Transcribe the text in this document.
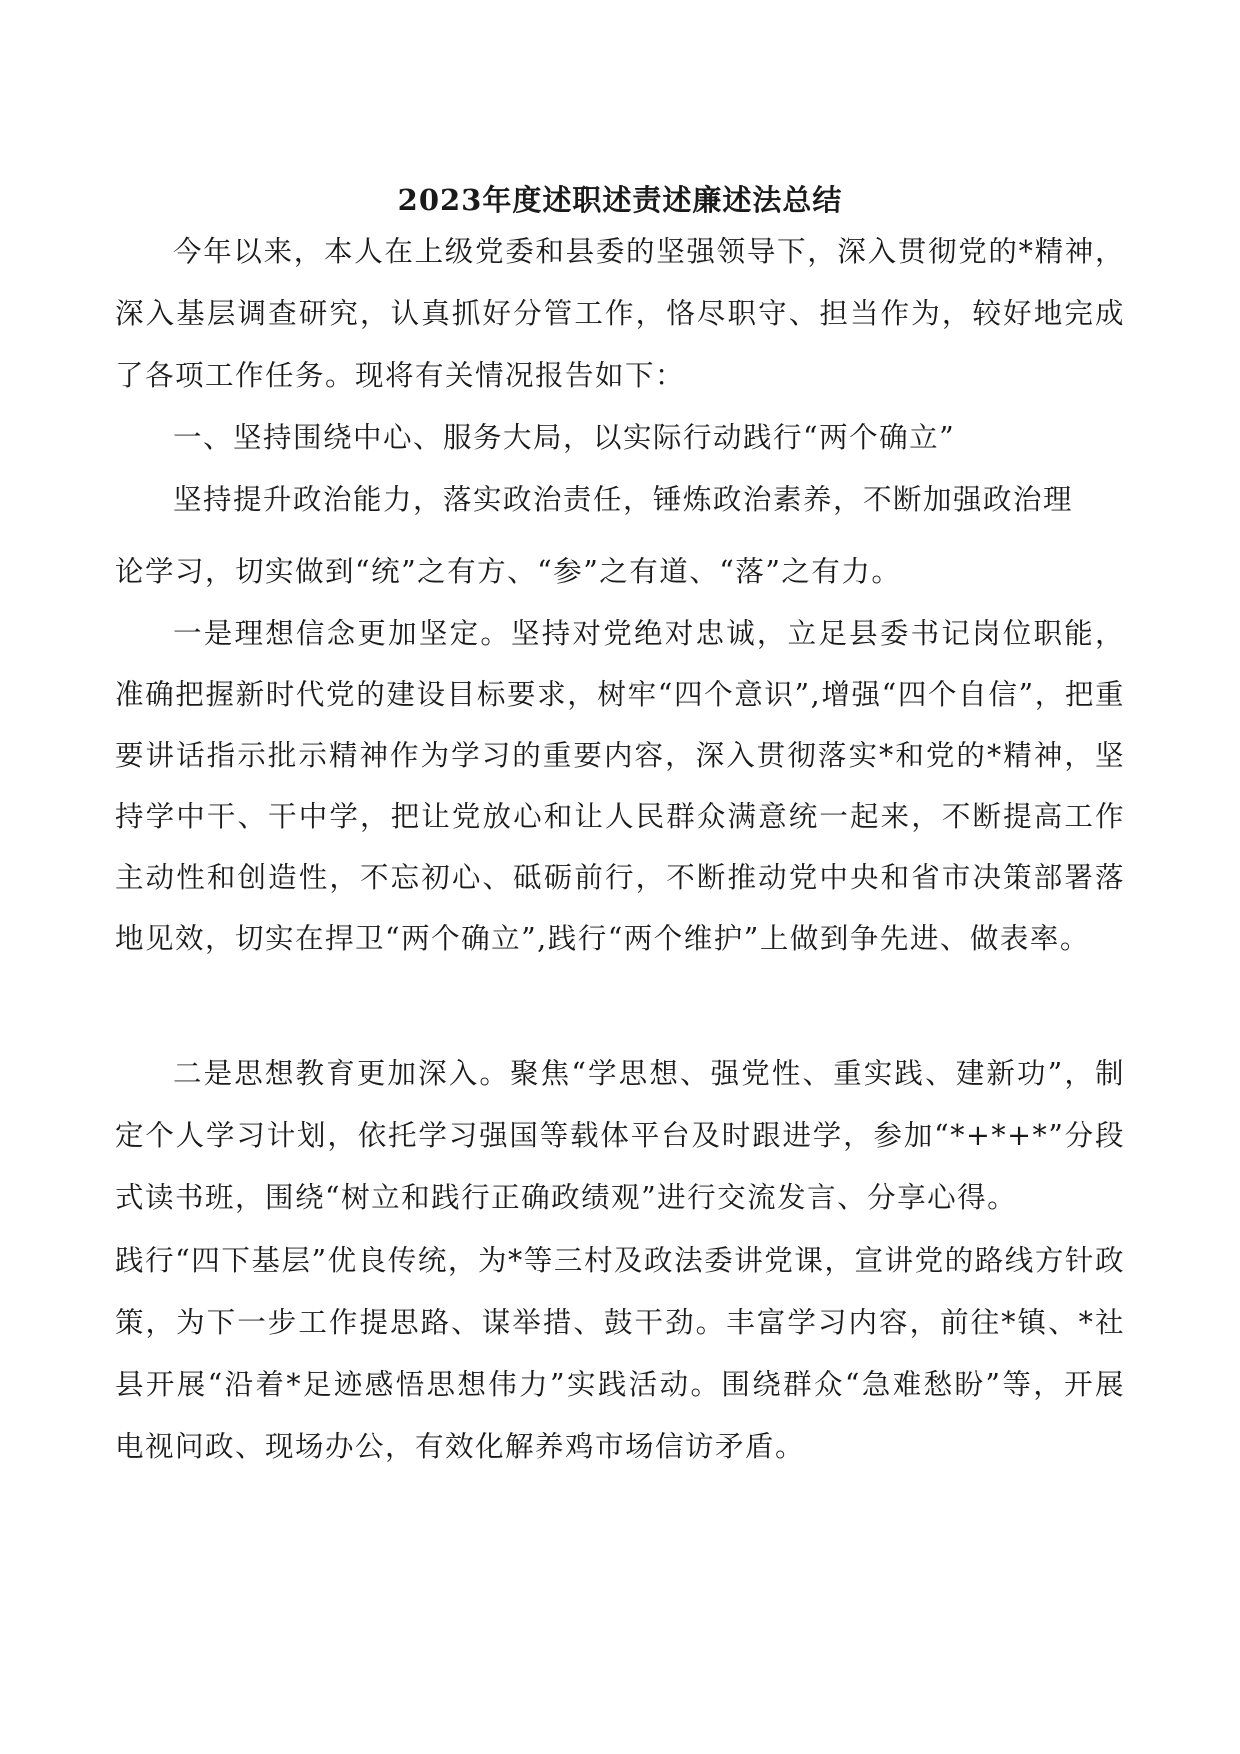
2023年度述职述责述廉述法总结

今年以来，本人在上级党委和县委的坚强领导下，深入贯彻党的*精神，深入基层调查研究，认真抓好分管工作，恪尽职守、担当作为，较好地完成了各项工作任务。现将有关情况报告如下：

一、坚持围绕中心、服务大局，以实际行动践行“两个确立”

坚持提升政治能力，落实政治责任，锤炼政治素养，不断加强政治理

论学习，切实做到“统”之有方、“参”之有道、“落”之有力。

一是理想信念更加坚定。坚持对党绝对忠诚，立足县委书记岗位职能，准确把握新时代党的建设目标要求，树牢“四个意识”,增强“四个自信”，把重要讲话指示批示精神作为学习的重要内容，深入贯彻落实*和党的*精神，坚持学中干、干中学，把让党放心和让人民群众满意统一起来，不断提高工作主动性和创造性，不忘初心、砥砺前行，不断推动党中央和省市决策部署落地见效，切实在捍卫“两个确立”,践行“两个维护”上做到争先进、做表率。

二是思想教育更加深入。聚焦“学思想、强党性、重实践、建新功”，制定个人学习计划，依托学习强国等载体平台及时跟进学，参加“*+*+*”分段式读书班，围绕“树立和践行正确政绩观”进行交流发言、分享心得。

践行“四下基层”优良传统，为*等三村及政法委讲党课，宣讲党的路线方针政策，为下一步工作提思路、谋举措、鼓干劲。丰富学习内容，前往*镇、*社县开展“沿着*足迹感悟思想伟力”实践活动。围绕群众“急难愁盼”等，开展电视问政、现场办公，有效化解养鸡市场信访矛盾。
